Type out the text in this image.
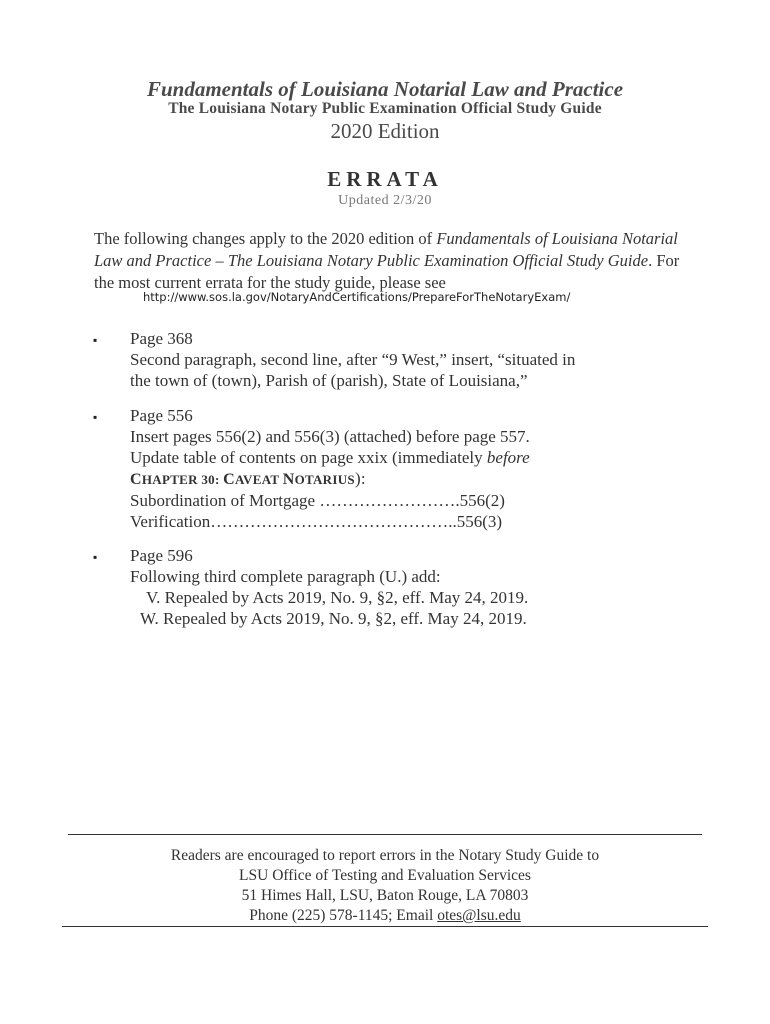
Fundamentals of Louisiana Notarial Law and Practice
The Louisiana Notary Public Examination Official Study Guide
2020 Edition
ERRATA
Updated 2/3/20
The following changes apply to the 2020 edition of Fundamentals of Louisiana Notarial Law and Practice – The Louisiana Notary Public Examination Official Study Guide. For the most current errata for the study guide, please see
http://www.sos.la.gov/NotaryAndCertifications/PrepareForTheNotaryExam/
▪ Page 368
Second paragraph, second line, after “9 West,” insert, “situated in
the town of (town), Parish of (parish), State of Louisiana,”
▪ Page 556
Insert pages 556(2) and 556(3) (attached) before page 557.
Update table of contents on page xxix (immediately before
CHAPTER 30: CAVEAT NOTARIUS):
Subordination of Mortgage …………………….556(2)
Verification……………………………………..556(3)
▪ Page 596
Following third complete paragraph (U.) add:
V. Repealed by Acts 2019, No. 9, §2, eff. May 24, 2019.
W. Repealed by Acts 2019, No. 9, §2, eff. May 24, 2019.
Readers are encouraged to report errors in the Notary Study Guide to
LSU Office of Testing and Evaluation Services
51 Himes Hall, LSU, Baton Rouge, LA 70803
Phone (225) 578-1145; Email otes@lsu.edu
